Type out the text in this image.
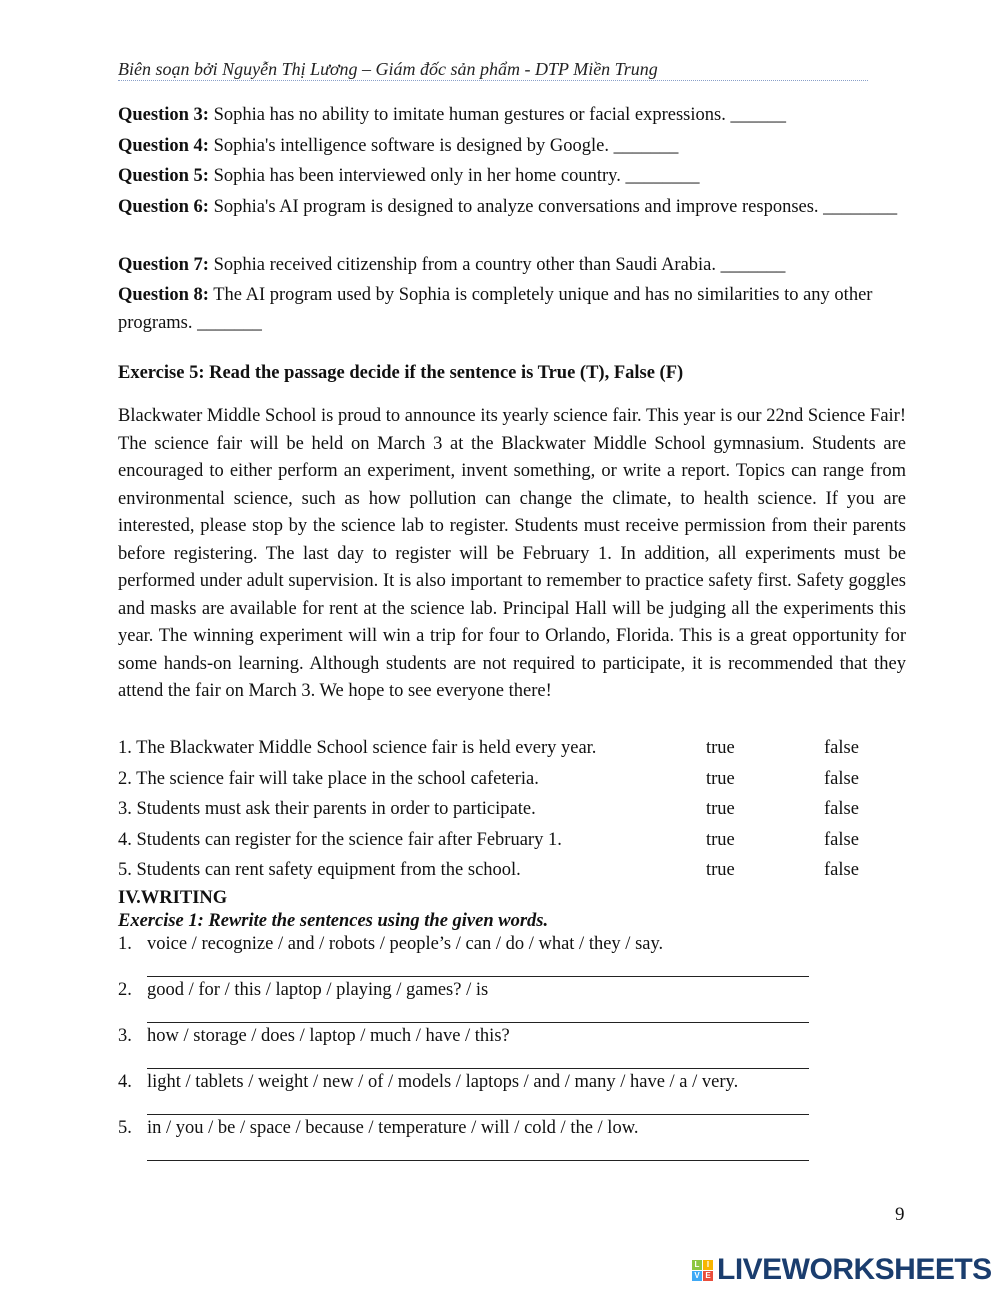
Biên soạn bởi Nguyễn Thị Lương – Giám đốc sản phẩm - DTP Miền Trung
Question 3: Sophia has no ability to imitate human gestures or facial expressions. ______
Question 4: Sophia's intelligence software is designed by Google. _______
Question 5: Sophia has been interviewed only in her home country. ________
Question 6: Sophia's AI program is designed to analyze conversations and improve responses. ________
Question 7: Sophia received citizenship from a country other than Saudi Arabia. _______
Question 8: The AI program used by Sophia is completely unique and has no similarities to any other programs. _______
Exercise 5: Read the passage decide if the sentence is True (T), False (F)
Blackwater Middle School is proud to announce its yearly science fair. This year is our 22nd Science Fair! The science fair will be held on March 3 at the Blackwater Middle School gymnasium. Students are encouraged to either perform an experiment, invent something, or write a report. Topics can range from environmental science, such as how pollution can change the climate, to health science. If you are interested, please stop by the science lab to register. Students must receive permission from their parents before registering. The last day to register will be February 1. In addition, all experiments must be performed under adult supervision. It is also important to remember to practice safety first. Safety goggles and masks are available for rent at the science lab. Principal Hall will be judging all the experiments this year. The winning experiment will win a trip for four to Orlando, Florida. This is a great opportunity for some hands-on learning. Although students are not required to participate, it is recommended that they attend the fair on March 3. We hope to see everyone there!
1. The Blackwater Middle School science fair is held every year.	true	false
2. The science fair will take place in the school cafeteria.	true	false
3. Students must ask their parents in order to participate.	true	false
4. Students can register for the science fair after February 1.	true	false
5. Students can rent safety equipment from the school.	true	false
IV.WRITING
Exercise 1: Rewrite the sentences using the given words.
1. voice / recognize / and / robots / people’s / can / do / what / they / say.
2. good / for / this / laptop / playing / games? / is
3. how / storage / does / laptop / much / have / this?
4. light / tablets / weight / new / of / models / laptops / and / many / have / a / very.
5. in / you / be / space / because / temperature / will / cold / the / low.
9
L I
V E LIVEWORKSHEETS
